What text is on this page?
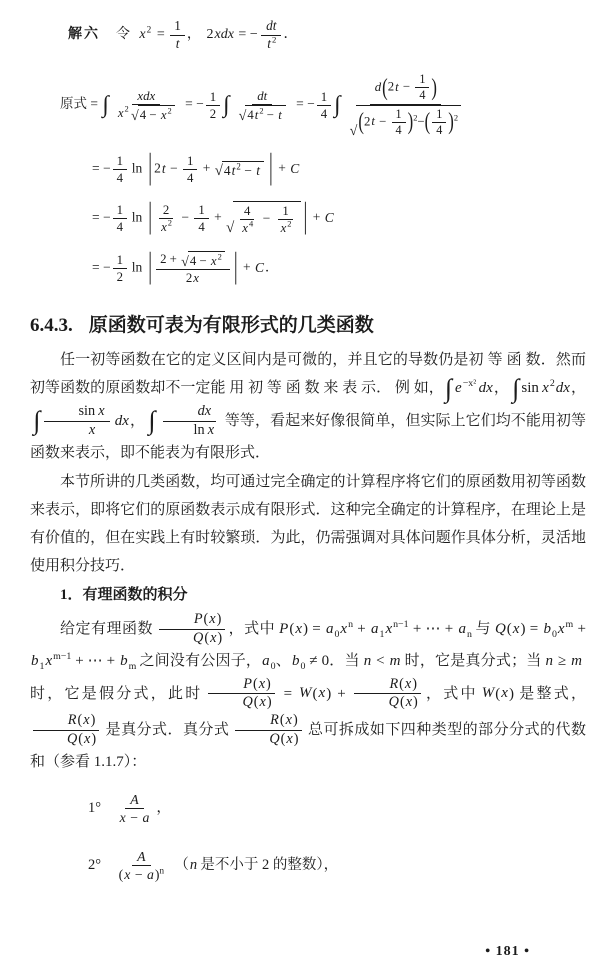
解六 令 $x^2 = \frac{1}{t}$ ， 2xdx = − $\frac{dt}{t^2}$ ．
原式 = ∫	xdx
$x^2$ √ $4 - x^2$ = − $\frac{1}{2}$ ∫ $\frac{dt}{√ 4t^2 - t}$ = − $\frac{1}{4}$ ∫ $\frac{d(2t - \frac{1}{4} )}{√ (2t - \frac{1}{4} )^2-( \frac{1}{4} )^2}$
= − $\frac{1}{4}$ ln | $2t - \frac{1}{4}$ + √ $4t^2 - t$ | + C
= − $\frac{1}{4}$ ln | $\frac{2}{x^2} - \frac{1}{4}$ +
√ $\frac{4}{x^4} - \frac{1}{x^2}$ | + C
= − $\frac{1}{2}$ ln | $\frac{2 + √ 4 - x^2}{2x}$ | + C．
6.4.3. 原函数可表为有限形式的几类函数

任一初等函数在它的定义区间内是可微的，并且它的导数仍是初 等 函 数．然而初等函数的原函数却不一定能 用 初 等 函 数 来 表 示． 例 如，∫ $e^{-x^2}$ dx， ∫ $\sin x^2dx$，∫ $\frac{\text{sin x}}{x}$ dx， ∫ $\frac{dx}{\text{ln x}}$ 等等，看起来好像很简单，但实际上它们均不能用初等函数来表示，即不能表为有限形式．

本节所讲的几类函数，均可通过完全确定的计算程序将它们的原函数用初等函数来表示，即将它们的原函数表示成有限形式．这种完全确定的计算程序，在理论上是有价值的，但在实践上有时较繁琐．为此，仍需强调对具体问题作具体分析，灵活地使用积分技巧．

1．有理函数的积分

给定有理函数 $\frac{P(x)}{Q(x)}$ ，式中 $P(x) = a_0x^n + a_1x^{n-1}$ + ⋯ + $a_n$ 与 $Q(x) = b_0x^m + b_1x^{m-1}$ + ⋯ + $b_m$ 之间没有公因子，$a_0$、$b_0 \ne 0$．当 n < m 时，它是真分式；当 n ≥ m时，它是假分式，此时 $\frac{P(x)}{Q(x)} = W(x) + \frac{R(x)}{Q(x)}$ ，式中 W(x) 是整式，
$\frac{R(x)}{Q(x)}$ 是真分式．真分式 $\frac{R(x)}{Q(x)}$ 总可拆成如下四种类型的部分分式的代数和（参看 1.1.7）：

$1^\circ \frac{A}{x - a}$ ，
$2^\circ \frac{A}{(x - a)^n} (n$ 是不小于 2 的整数），
• 181 •
